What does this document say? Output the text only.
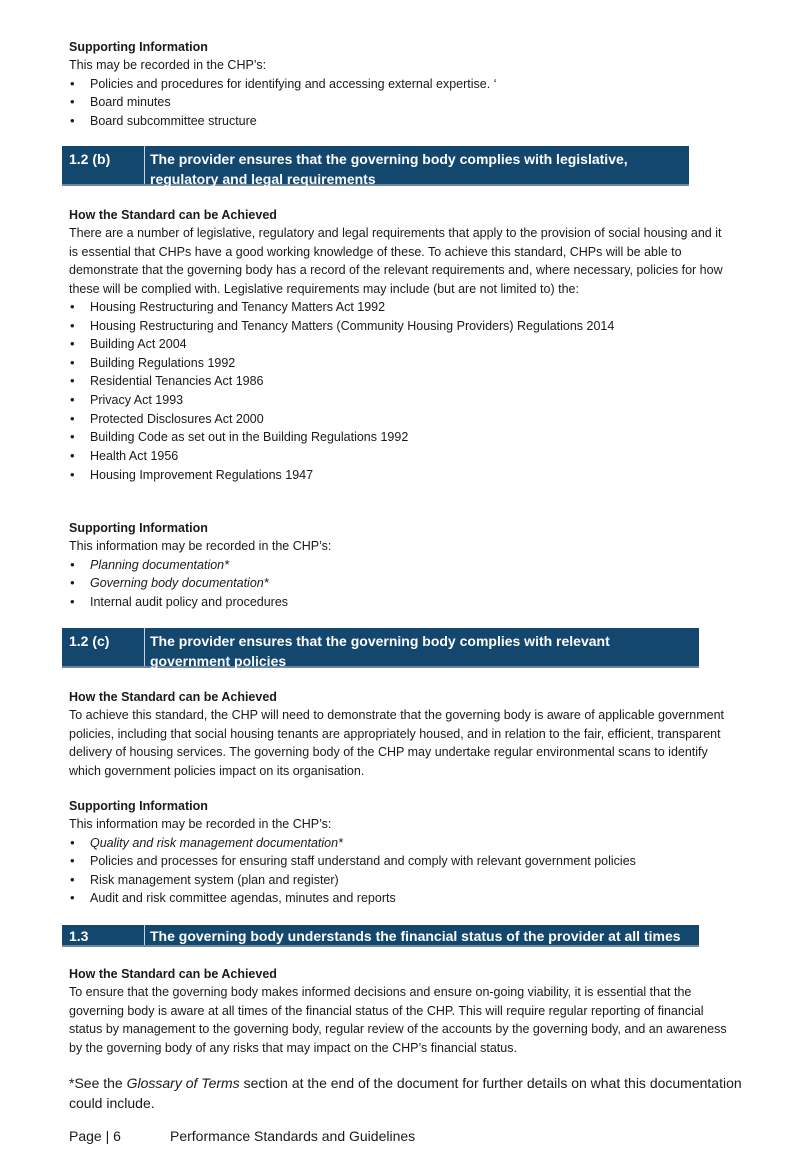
Supporting Information

This may be recorded in the CHP’s:

• Policies and procedures for identifying and accessing external expertise. ‘
• Board minutes
• Board subcommittee structure
1.2 (b)	The provider ensures that the governing body complies with legislative,
regulatory and legal requirements

How the Standard can be Achieved

There are a number of legislative, regulatory and legal requirements that apply to the provision of social housing and it is essential that CHPs have a good working knowledge of these. To achieve this standard, CHPs will be able to demonstrate that the governing body has a record of the relevant requirements and, where necessary, policies for how these will be complied with. Legislative requirements may include (but are not limited to) the:

• Housing Restructuring and Tenancy Matters Act 1992
• Housing Restructuring and Tenancy Matters (Community Housing Providers) Regulations 2014
• Building Act 2004
• Building Regulations 1992
• Residential Tenancies Act 1986
• Privacy Act 1993
• Protected Disclosures Act 2000
• Building Code as set out in the Building Regulations 1992
• Health Act 1956
• Housing Improvement Regulations 1947

Supporting Information

This information may be recorded in the CHP’s:

• Planning documentation*
• Governing body documentation*
• Internal audit policy and procedures
1.2 (c)	The provider ensures that the governing body complies with relevant
government policies

How the Standard can be Achieved

To achieve this standard, the CHP will need to demonstrate that the governing body is aware of applicable government policies, including that social housing tenants are appropriately housed, and in relation to the fair, efficient, transparent delivery of housing services. The governing body of the CHP may undertake regular environmental scans to identify which government policies impact on its organisation.

Supporting Information

This information may be recorded in the CHP’s:

• Quality and risk management documentation*
• Policies and processes for ensuring staff understand and comply with relevant government policies
• Risk management system (plan and register)
• Audit and risk committee agendas, minutes and reports
1.3	The governing body understands the financial status of the provider at all times

How the Standard can be Achieved

To ensure that the governing body makes informed decisions and ensure on-going viability, it is essential that the governing body is aware at all times of the financial status of the CHP. This will require regular reporting of financial status by management to the governing body, regular review of the accounts by the governing body, and an awareness by the governing body of any risks that may impact on the CHP’s financial status.

*See the Glossary of Terms section at the end of the document for further details on what this documentation could include.
Page | 6	Performance Standards and Guidelines
